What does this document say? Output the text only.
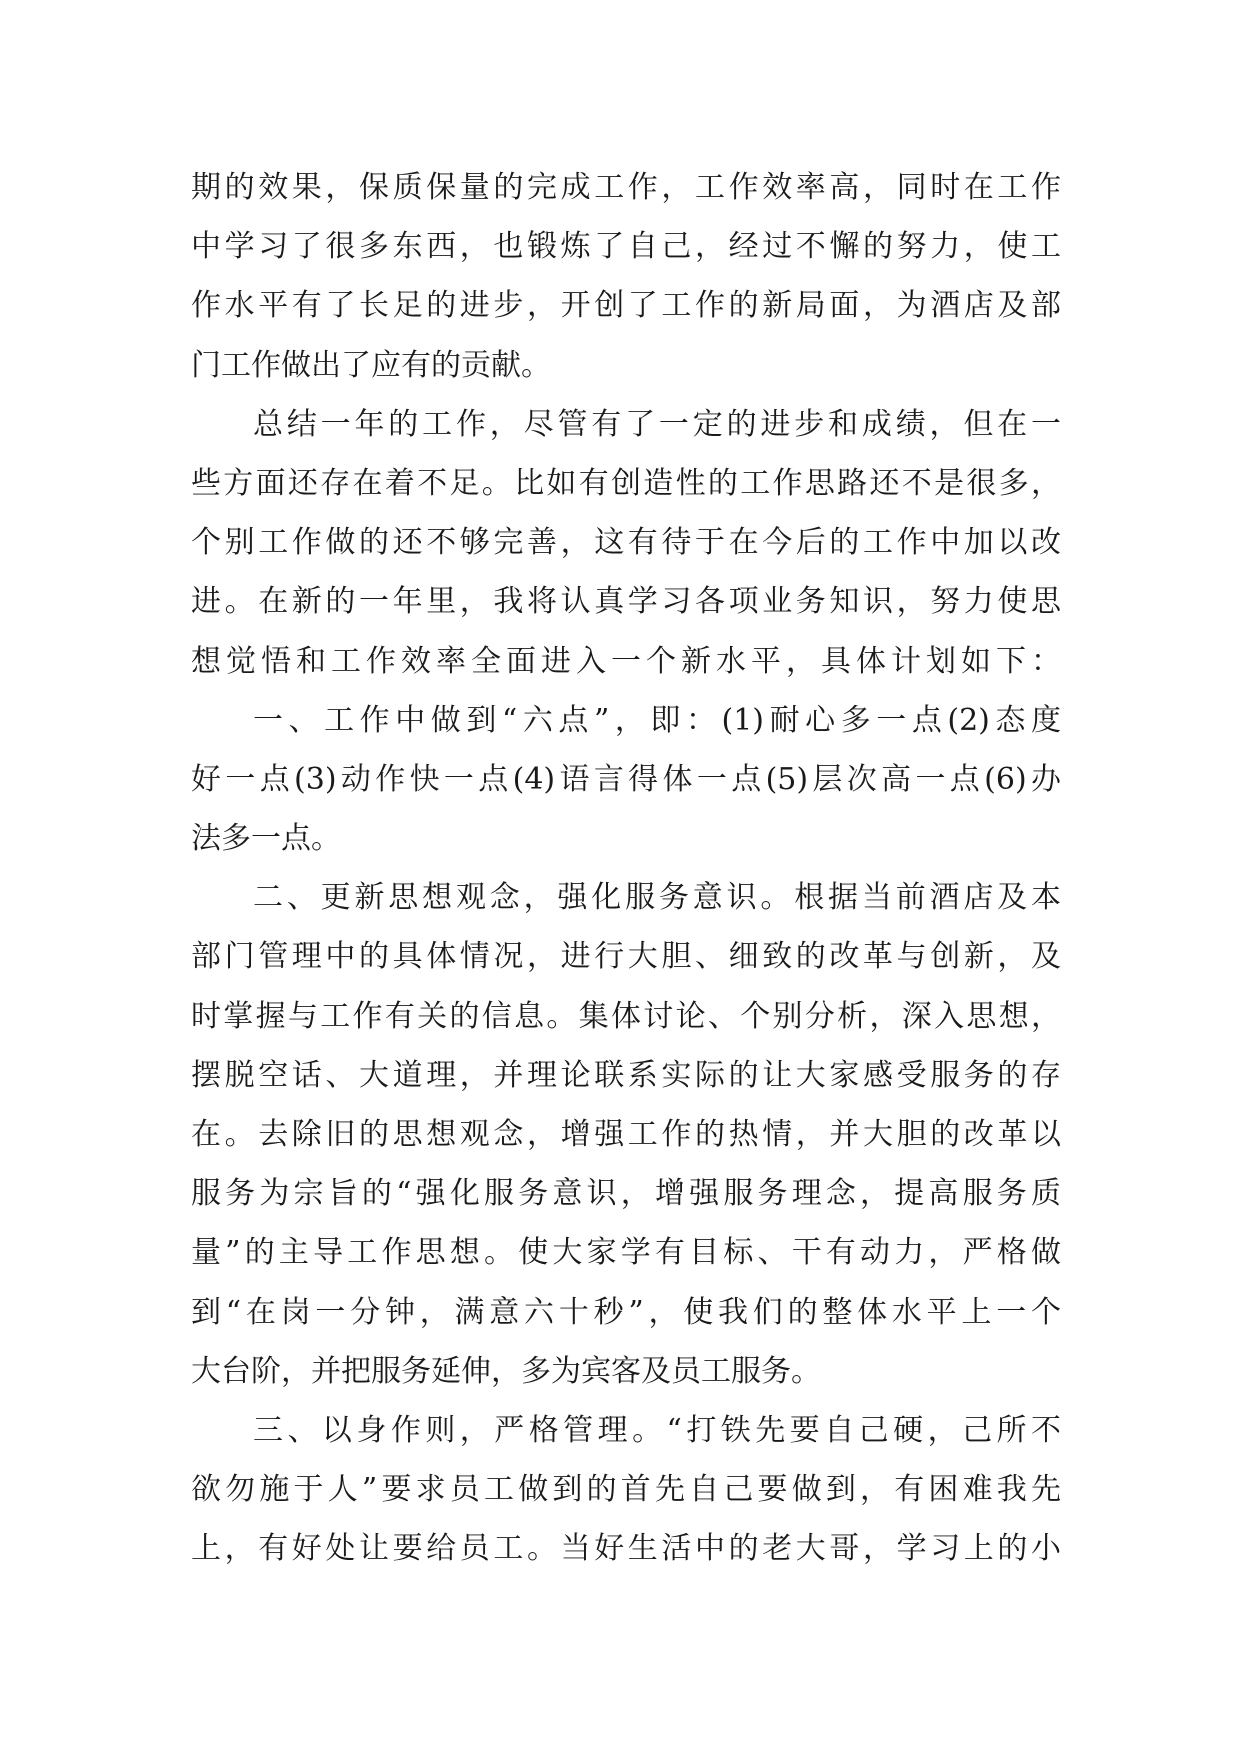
期的效果，保质保量的完成工作，工作效率高，同时在工作
中学习了很多东西，也锻炼了自己，经过不懈的努力，使工
作水平有了长足的进步，开创了工作的新局面，为酒店及部
门工作做出了应有的贡献。
总结一年的工作，尽管有了一定的进步和成绩，但在一
些方面还存在着不足。比如有创造性的工作思路还不是很多，
个别工作做的还不够完善，这有待于在今后的工作中加以改
进。在新的一年里，我将认真学习各项业务知识，努力使思
想觉悟和工作效率全面进入一个新水平，具体计划如下：
一、工作中做到“六点”，即：(1)耐心多一点(2)态度
好一点(3)动作快一点(4)语言得体一点(5)层次高一点(6)办
法多一点。
二、更新思想观念，强化服务意识。根据当前酒店及本
部门管理中的具体情况，进行大胆、细致的改革与创新，及
时掌握与工作有关的信息。集体讨论、个别分析，深入思想，
摆脱空话、大道理，并理论联系实际的让大家感受服务的存
在。去除旧的思想观念，增强工作的热情，并大胆的改革以
服务为宗旨的“强化服务意识，增强服务理念，提高服务质
量”的主导工作思想。使大家学有目标、干有动力，严格做
到“在岗一分钟，满意六十秒”，使我们的整体水平上一个
大台阶，并把服务延伸，多为宾客及员工服务。
三、以身作则，严格管理。“打铁先要自己硬，己所不
欲勿施于人”要求员工做到的首先自己要做到，有困难我先
上，有好处让要给员工。当好生活中的老大哥，学习上的小
